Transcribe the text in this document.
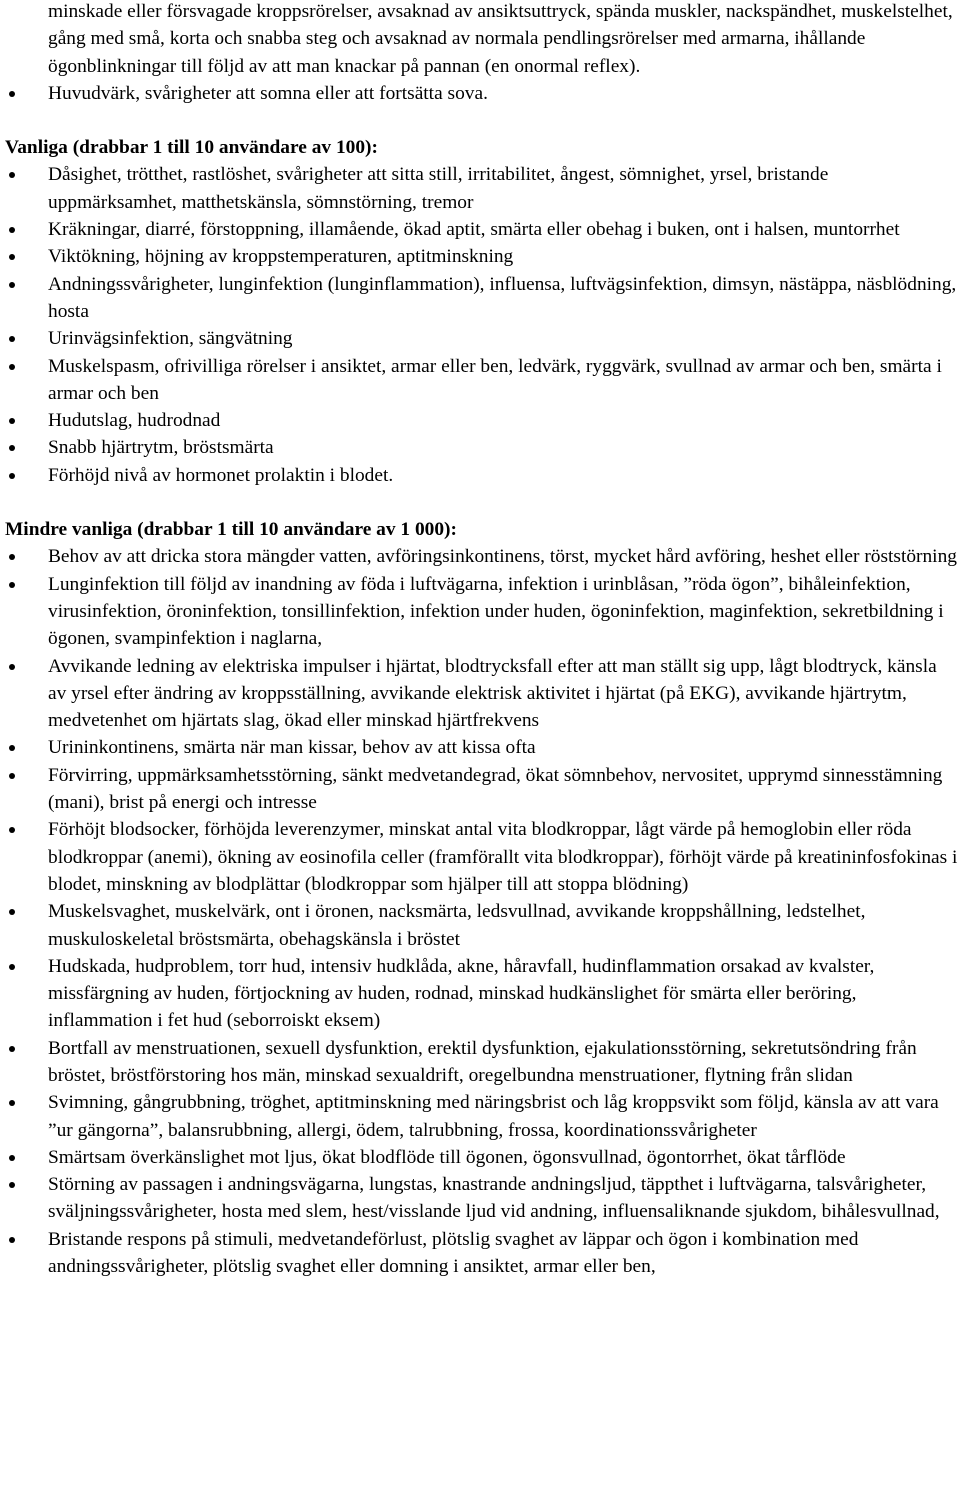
minskade eller försvagade kroppsrörelser, avsaknad av ansiktsuttryck, spända muskler, nackspändhet, muskelstelhet, gång med små, korta och snabba steg och avsaknad av normala pendlingsrörelser med armarna, ihållande ögonblinkningar till följd av att man knackar på pannan (en onormal reflex).

Huvudvärk, svårigheter att somna eller att fortsätta sova.
Vanliga (drabbar 1 till 10 användare av 100):
Dåsighet, trötthet, rastlöshet, svårigheter att sitta still, irritabilitet, ångest, sömnighet, yrsel, bristande uppmärksamhet, matthetskänsla, sömnstörning, tremor
Kräkningar, diarré, förstoppning, illamående, ökad aptit, smärta eller obehag i buken, ont i halsen, muntorrhet
Viktökning, höjning av kroppstemperaturen, aptitminskning
Andningssvårigheter, lunginfektion (lunginflammation), influensa, luftvägsinfektion, dimsyn, nästäppa, näsblödning, hosta
Urinvägsinfektion, sängvätning
Muskelspasm, ofrivilliga rörelser i ansiktet, armar eller ben, ledvärk, ryggvärk, svullnad av armar och ben, smärta i armar och ben
Hudutslag, hudrodnad
Snabb hjärtrytm, bröstsmärta
Förhöjd nivå av hormonet prolaktin i blodet.
Mindre vanliga (drabbar 1 till 10 användare av 1 000):
Behov av att dricka stora mängder vatten, avföringsinkontinens, törst, mycket hård avföring, heshet eller röststörning
Lunginfektion till följd av inandning av föda i luftvägarna, infektion i urinblåsan, ”röda ögon”, bihåleinfektion, virusinfektion, öroninfektion, tonsillinfektion, infektion under huden, ögoninfektion, maginfektion, sekretbildning i ögonen, svampinfektion i naglarna,
Avvikande ledning av elektriska impulser i hjärtat, blodtrycksfall efter att man ställt sig upp, lågt blodtryck, känsla av yrsel efter ändring av kroppsställning, avvikande elektrisk aktivitet i hjärtat (på EKG), avvikande hjärtrytm, medvetenhet om hjärtats slag, ökad eller minskad hjärtfrekvens
Urininkontinens, smärta när man kissar, behov av att kissa ofta
Förvirring, uppmärksamhetsstörning, sänkt medvetandegrad, ökat sömnbehov, nervositet, upprymd sinnesstämning (mani), brist på energi och intresse
Förhöjt blodsocker, förhöjda leverenzymer, minskat antal vita blodkroppar, lågt värde på hemoglobin eller röda blodkroppar (anemi), ökning av eosinofila celler (framförallt vita blodkroppar), förhöjt värde på kreatininfosfokinas i blodet, minskning av blodplättar (blodkroppar som hjälper till att stoppa blödning)
Muskelsvaghet, muskelvärk, ont i öronen, nacksmärta, ledsvullnad, avvikande kroppshållning, ledstelhet, muskuloskeletal bröstsmärta, obehagskänsla i bröstet
Hudskada, hudproblem, torr hud, intensiv hudklåda, akne, håravfall, hudinflammation orsakad av kvalster, missfärgning av huden, förtjockning av huden, rodnad, minskad hudkänslighet för smärta eller beröring, inflammation i fet hud (seborroiskt eksem)
Bortfall av menstruationen, sexuell dysfunktion, erektil dysfunktion, ejakulationsstörning, sekretutsöndring från bröstet, bröstförstoring hos män, minskad sexualdrift, oregelbundna menstruationer, flytning från slidan
Svimning, gångrubbning, tröghet, aptitminskning med näringsbrist och låg kroppsvikt som följd, känsla av att vara ”ur gängorna”, balansrubbning, allergi, ödem, talrubbning, frossa, koordinationssvårigheter
Smärtsam överkänslighet mot ljus, ökat blodflöde till ögonen, ögonsvullnad, ögontorrhet, ökat tårflöde
Störning av passagen i andningsvägarna, lungstas, knastrande andningsljud, täppthet i luftvägarna, talsvårigheter, sväljningssvårigheter, hosta med slem, hest/visslande ljud vid andning, influensaliknande sjukdom, bihålesvullnad,
Bristande respons på stimuli, medvetandeförlust, plötslig svaghet av läppar och ögon i kombination med andningssvårigheter, plötslig svaghet eller domning i ansiktet, armar eller ben,
